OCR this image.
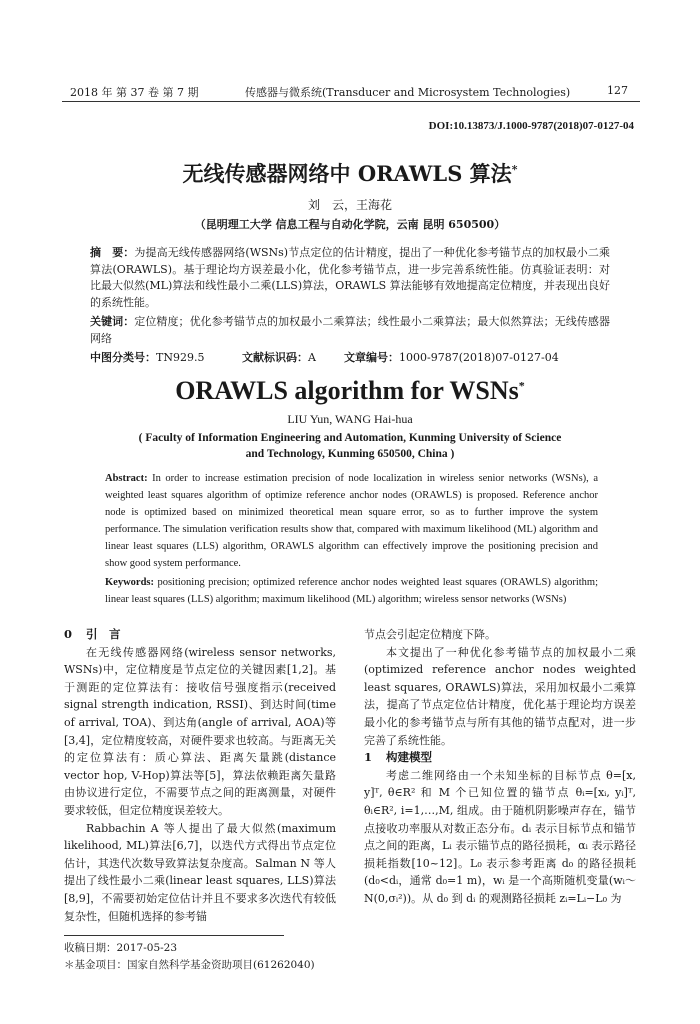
2018 年 第 37 卷 第 7 期	传感器与微系统(Transducer and Microsystem Technologies)	127
DOI:10.13873/J.1000-9787(2018)07-0127-04
无线传感器网络中 ORAWLS 算法*
刘　云，王海花
（昆明理工大学 信息工程与自动化学院，云南 昆明 650500）
摘　要：为提高无线传感器网络(WSNs)节点定位的估计精度，提出了一种优化参考锚节点的加权最小二乘算法(ORAWLS)。基于理论均方误差最小化，优化参考锚节点，进一步完善系统性能。仿真验证表明：对比最大似然(ML)算法和线性最小二乘(LLS)算法，ORAWLS 算法能够有效地提高定位精度，并表现出良好的系统性能。
关键词：定位精度；优化参考锚节点的加权最小二乘算法；线性最小二乘算法；最大似然算法；无线传感器网络
中图分类号：TN929.5	文献标识码：A	文章编号：1000-9787(2018)07-0127-04
ORAWLS algorithm for WSNs*
LIU Yun, WANG Hai-hua
( Faculty of Information Engineering and Automation, Kunming University of Science
and Technology, Kunming 650500, China )
Abstract: In order to increase estimation precision of node localization in wireless senior networks (WSNs), a weighted least squares algorithm of optimize reference anchor nodes (ORAWLS) is proposed. Reference anchor node is optimized based on minimized theoretical mean square error, so as to further improve the system performance. The simulation verification results show that, compared with maximum likelihood (ML) algorithm and linear least squares (LLS) algorithm, ORAWLS algorithm can effectively improve the positioning precision and show good system performance.
Keywords: positioning precision; optimized reference anchor nodes weighted least squares (ORAWLS) algorithm; linear least squares (LLS) algorithm; maximum likelihood (ML) algorithm; wireless sensor networks (WSNs)
0 引　言

在无线传感器网络(wireless sensor networks, WSNs)中，定位精度是节点定位的关键因素[1,2]。基于测距的定位算法有：接收信号强度指示(received signal strength indication, RSSI)、到达时间(time of arrival, TOA)、到达角(angle of arrival, AOA)等[3,4]，定位精度较高，对硬件要求也较高。与距离无关的定位算法有：质心算法、距离矢量跳(distance vector hop, V-Hop)算法等[5]，算法依赖距离矢量路由协议进行定位，不需要节点之间的距离测量，对硬件要求较低，但定位精度误差较大。

Rabbachin A 等人提出了最大似然(maximum likelihood, ML)算法[6,7]，以迭代方式得出节点定位估计，其迭代次数导致算法复杂度高。Salman N 等人提出了线性最小二乘(linear least squares, LLS)算法[8,9]，不需要初始定位估计并且不要求多次迭代有较低复杂性，但随机选择的参考锚

节点会引起定位精度下降。

本文提出了一种优化参考锚节点的加权最小二乘(optimized reference anchor nodes weighted least squares, ORAWLS)算法，采用加权最小二乘算法，提高了节点定位估计精度，优化基于理论均方误差最小化的参考锚节点与所有其他的锚节点配对，进一步完善了系统性能。

1 构建模型

考虑二维网络由一个未知坐标的目标节点 θ=[x, y]ᵀ, θ∈R² 和 M 个已知位置的锚节点 θᵢ=[xᵢ, yᵢ]ᵀ, θᵢ∈R², i=1,…,M, 组成。由于随机阴影噪声存在，锚节点接收功率服从对数正态分布。dᵢ 表示目标节点和锚节点之间的距离，Lᵢ 表示锚节点的路径损耗，αᵢ 表示路径损耗指数[10~12]。L₀ 表示参考距离 d₀ 的路径损耗(d₀<dᵢ，通常 d₀=1 m)，wᵢ 是一个高斯随机变量(wᵢ～N(0,σᵢ²))。从 d₀ 到 dᵢ 的观测路径损耗 zᵢ=Lᵢ−L₀ 为

收稿日期：2017-05-23
＊基金项目：国家自然科学基金资助项目(61262040)
